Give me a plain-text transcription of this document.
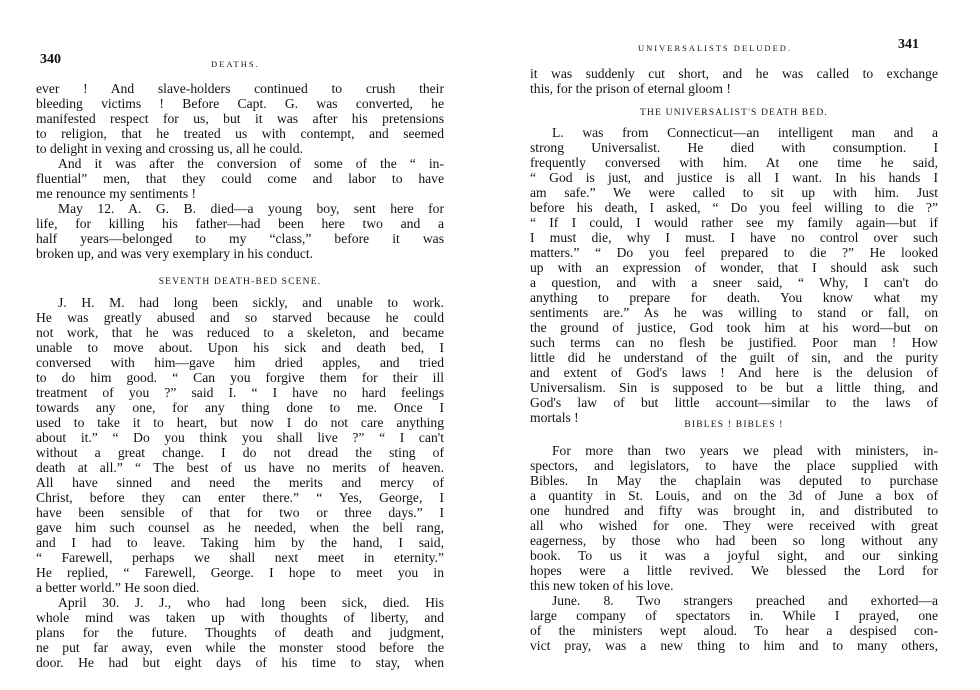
340	DEATHS.
ever ! And slave-holders continued to crush their
bleeding victims ! Before Capt. G. was converted, he
manifested respect for us, but it was after his pretensions
to religion, that he treated us with contempt, and seemed
to delight in vexing and crossing us, all he could.
And it was after the conversion of some of the “ in-
fluential” men, that they could come and labor to have
me renounce my sentiments !
May 12. A. G. B. died—a young boy, sent here for
life, for killing his father—had been here two and a
half years—belonged to my “class,” before it was
broken up, and was very exemplary in his conduct.
SEVENTH DEATH-BED SCENE.
J. H. M. had long been sickly, and unable to work.
He was greatly abused and so starved because he could
not work, that he was reduced to a skeleton, and became
unable to move about. Upon his sick and death bed, I
conversed with him—gave him dried apples, and tried
to do him good. “ Can you forgive them for their ill
treatment of you ?” said I. “ I have no hard feelings
towards any one, for any thing done to me. Once I
used to take it to heart, but now I do not care anything
about it.” “ Do you think you shall live ?” “ I can't
without a great change. I do not dread the sting of
death at all.” “ The best of us have no merits of heaven.
All have sinned and need the merits and mercy of
Christ, before they can enter there.” “ Yes, George, I
have been sensible of that for two or three days.” I
gave him such counsel as he needed, when the bell rang,
and I had to leave. Taking him by the hand, I said,
“ Farewell, perhaps we shall next meet in eternity.”
He replied, “ Farewell, George. I hope to meet you in
a better world.” He soon died.
April 30. J. J., who had long been sick, died. His
whole mind was taken up with thoughts of liberty, and
plans for the future. Thoughts of death and judgment,
ne put far away, even while the monster stood before the
door. He had but eight days of his time to stay, when
UNIVERSALISTS DELUDED.	341
it was suddenly cut short, and he was called to exchange
this, for the prison of eternal gloom !
THE UNIVERSALIST'S DEATH BED.
L. was from Connecticut—an intelligent man and a
strong Universalist. He died with consumption. I
frequently conversed with him. At one time he said,
“ God is just, and justice is all I want. In his hands I
am safe.” We were called to sit up with him. Just
before his death, I asked, “ Do you feel willing to die ?”
“ If I could, I would rather see my family again—but if
I must die, why I must. I have no control over such
matters.” “ Do you feel prepared to die ?” He looked
up with an expression of wonder, that I should ask such
a question, and with a sneer said, “ Why, I can't do
anything to prepare for death. You know what my
sentiments are.” As he was willing to stand or fall, on
the ground of justice, God took him at his word—but on
such terms can no flesh be justified. Poor man ! How
little did he understand of the guilt of sin, and the purity
and extent of God's laws ! And here is the delusion of
Universalism. Sin is supposed to be but a little thing, and
God's law of but little account—similar to the laws of
mortals !	BIBLES ! BIBLES !
For more than two years we plead with ministers, in-
spectors, and legislators, to have the place supplied with
Bibles. In May the chaplain was deputed to purchase
a quantity in St. Louis, and on the 3d of June a box of
one hundred and fifty was brought in, and distributed to
all who wished for one. They were received with great
eagerness, by those who had been so long without any
book. To us it was a joyful sight, and our sinking
hopes were a little revived. We blessed the Lord for
this new token of his love.
June. 8. Two strangers preached and exhorted—a
large company of spectators in. While I prayed, one
of the ministers wept aloud. To hear a despised con-
vict pray, was a new thing to him and to many others,
